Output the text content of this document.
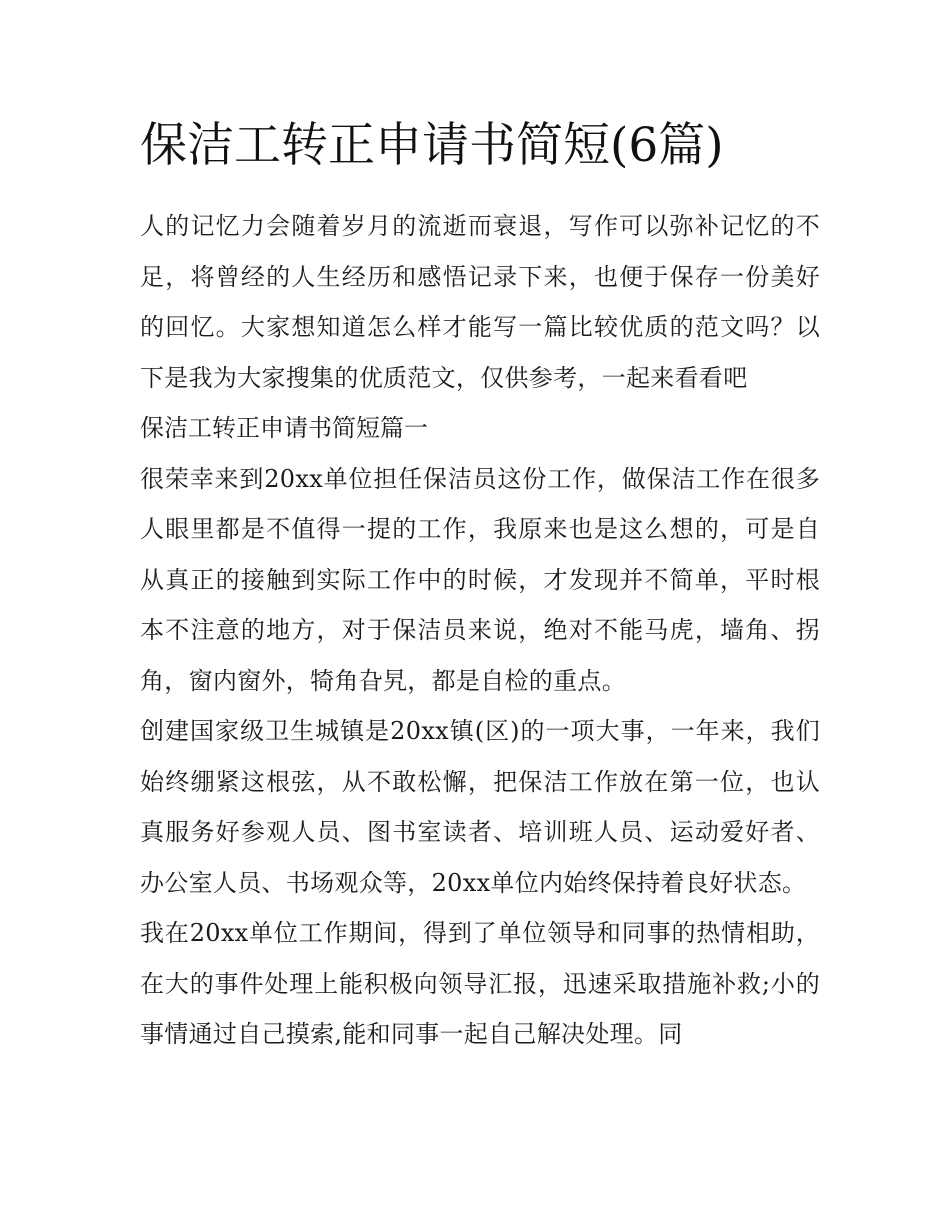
保洁工转正申请书简短(6篇)

人的记忆力会随着岁月的流逝而衰退，写作可以弥补记忆的不足，将曾经的人生经历和感悟记录下来，也便于保存一份美好的回忆。大家想知道怎么样才能写一篇比较优质的范文吗？以下是我为大家搜集的优质范文，仅供参考，一起来看看吧

保洁工转正申请书简短篇一

很荣幸来到20xx单位担任保洁员这份工作，做保洁工作在很多人眼里都是不值得一提的工作，我原来也是这么想的，可是自从真正的接触到实际工作中的时候，才发现并不简单，平时根本不注意的地方，对于保洁员来说，绝对不能马虎，墙角、拐角，窗内窗外，犄角旮旯，都是自检的重点。

创建国家级卫生城镇是20xx镇(区)的一项大事，一年来，我们始终绷紧这根弦，从不敢松懈，把保洁工作放在第一位，也认真服务好参观人员、图书室读者、培训班人员、运动爱好者、办公室人员、书场观众等，20xx单位内始终保持着良好状态。

我在20xx单位工作期间，得到了单位领导和同事的热情相助，在大的事件处理上能积极向领导汇报，迅速采取措施补救;小的事情通过自己摸索,能和同事一起自己解决处理。同
